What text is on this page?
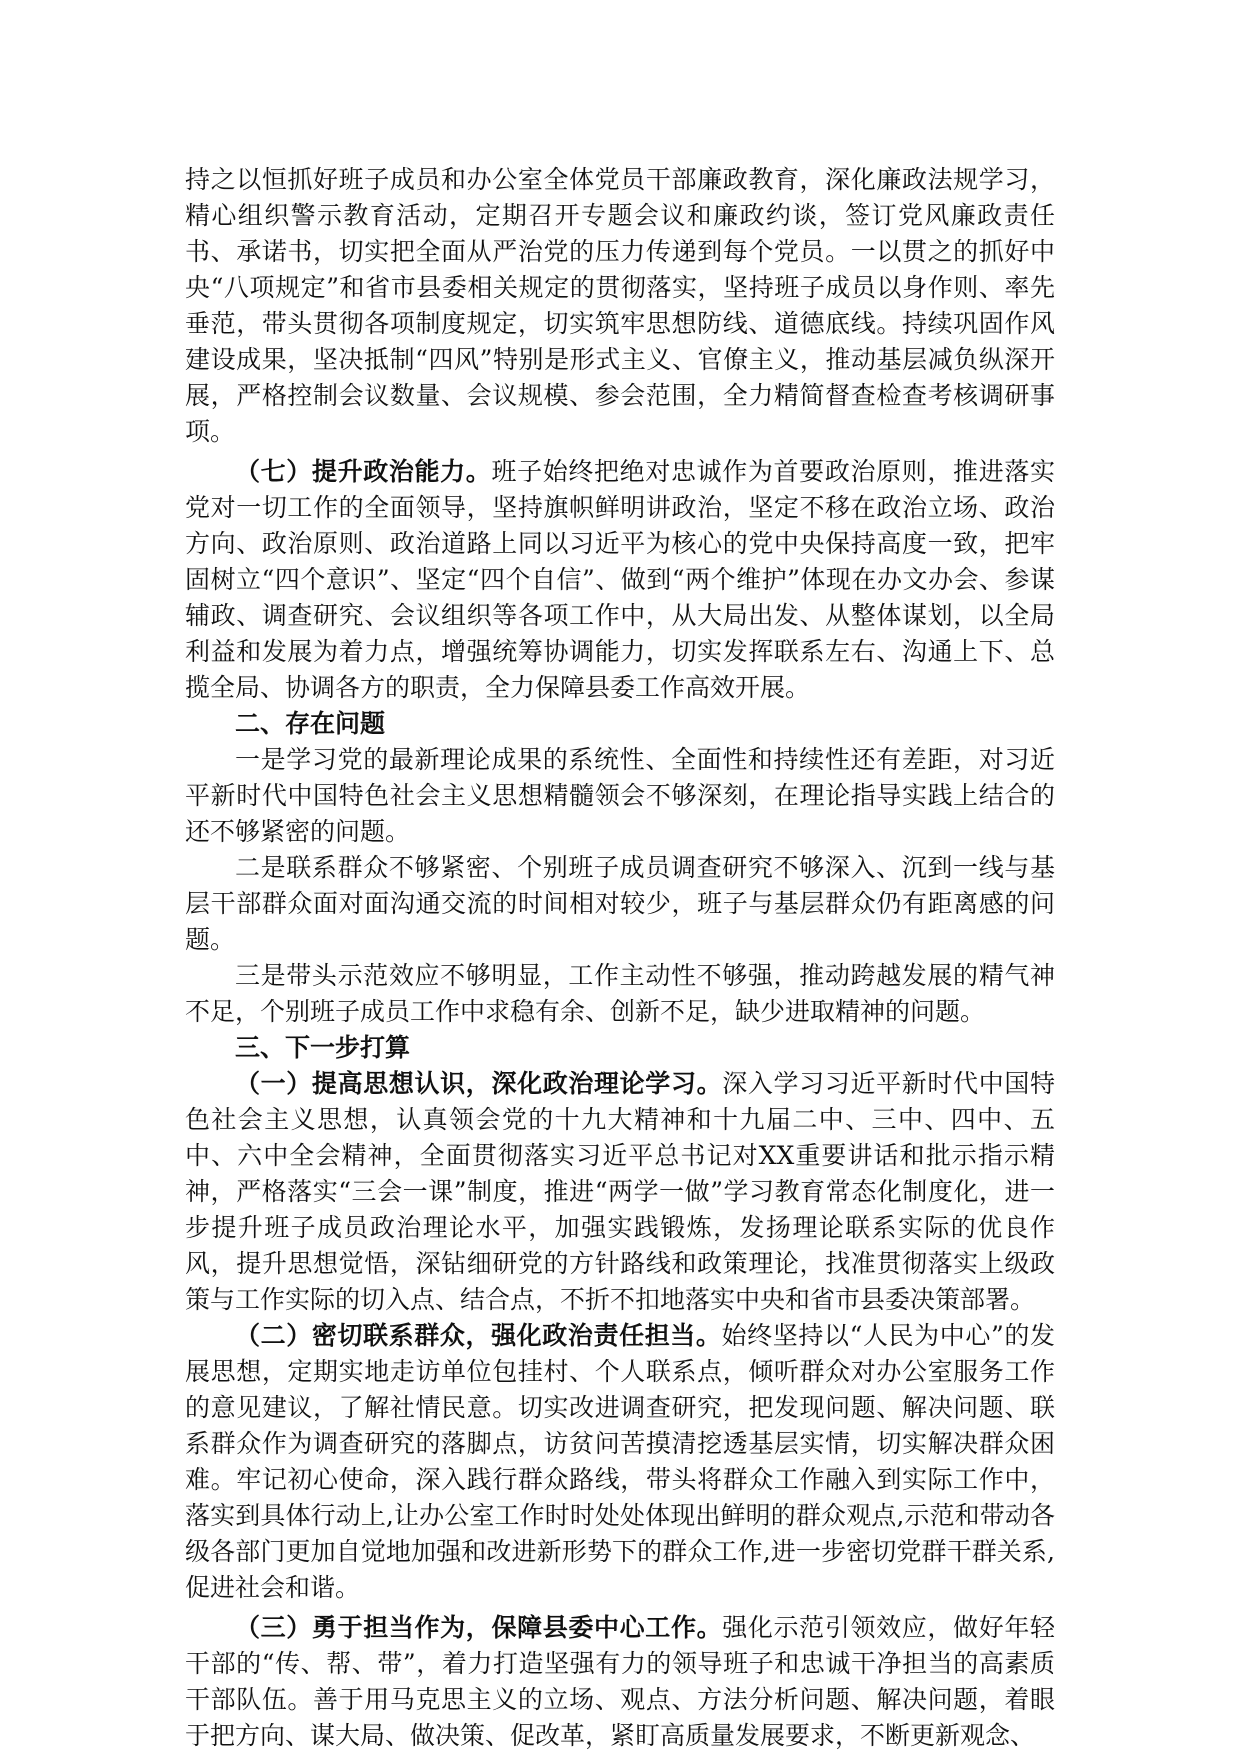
持之以恒抓好班子成员和办公室全体党员干部廉政教育，深化廉政法规学习，精心组织警示教育活动，定期召开专题会议和廉政约谈，签订党风廉政责任书、承诺书，切实把全面从严治党的压力传递到每个党员。一以贯之的抓好中央“八项规定”和省市县委相关规定的贯彻落实，坚持班子成员以身作则、率先垂范，带头贯彻各项制度规定，切实筑牢思想防线、道德底线。持续巩固作风建设成果，坚决抵制“四风”特别是形式主义、官僚主义，推动基层减负纵深开展，严格控制会议数量、会议规模、参会范围，全力精简督查检查考核调研事项。

（七）提升政治能力。班子始终把绝对忠诚作为首要政治原则，推进落实党对一切工作的全面领导，坚持旗帜鲜明讲政治，坚定不移在政治立场、政治方向、政治原则、政治道路上同以习近平为核心的党中央保持高度一致，把牢固树立“四个意识”、坚定“四个自信”、做到“两个维护”体现在办文办会、参谋辅政、调查研究、会议组织等各项工作中，从大局出发、从整体谋划，以全局利益和发展为着力点，增强统筹协调能力，切实发挥联系左右、沟通上下、总揽全局、协调各方的职责，全力保障县委工作高效开展。

二、存在问题

一是学习党的最新理论成果的系统性、全面性和持续性还有差距，对习近平新时代中国特色社会主义思想精髓领会不够深刻，在理论指导实践上结合的还不够紧密的问题。

二是联系群众不够紧密、个别班子成员调查研究不够深入、沉到一线与基层干部群众面对面沟通交流的时间相对较少，班子与基层群众仍有距离感的问题。

三是带头示范效应不够明显，工作主动性不够强，推动跨越发展的精气神不足，个别班子成员工作中求稳有余、创新不足，缺少进取精神的问题。

三、下一步打算

（一）提高思想认识，深化政治理论学习。深入学习习近平新时代中国特色社会主义思想，认真领会党的十九大精神和十九届二中、三中、四中、五中、六中全会精神，全面贯彻落实习近平总书记对XX重要讲话和批示指示精神，严格落实“三会一课”制度，推进“两学一做”学习教育常态化制度化，进一步提升班子成员政治理论水平，加强实践锻炼，发扬理论联系实际的优良作风，提升思想觉悟，深钻细研党的方针路线和政策理论，找准贯彻落实上级政策与工作实际的切入点、结合点，不折不扣地落实中央和省市县委决策部署。

（二）密切联系群众，强化政治责任担当。始终坚持以“人民为中心”的发展思想，定期实地走访单位包挂村、个人联系点，倾听群众对办公室服务工作的意见建议，了解社情民意。切实改进调查研究，把发现问题、解决问题、联系群众作为调查研究的落脚点，访贫问苦摸清挖透基层实情，切实解决群众困难。牢记初心使命，深入践行群众路线，带头将群众工作融入到实际工作中，落实到具体行动上,让办公室工作时时处处体现出鲜明的群众观点,示范和带动各级各部门更加自觉地加强和改进新形势下的群众工作,进一步密切党群干群关系,促进社会和谐。

（三）勇于担当作为，保障县委中心工作。强化示范引领效应，做好年轻干部的“传、帮、带”，着力打造坚强有力的领导班子和忠诚干净担当的高素质干部队伍。善于用马克思主义的立场、观点、方法分析问题、解决问题，着眼于把方向、谋大局、做决策、促改革，紧盯高质量发展要求，不断更新观念、
